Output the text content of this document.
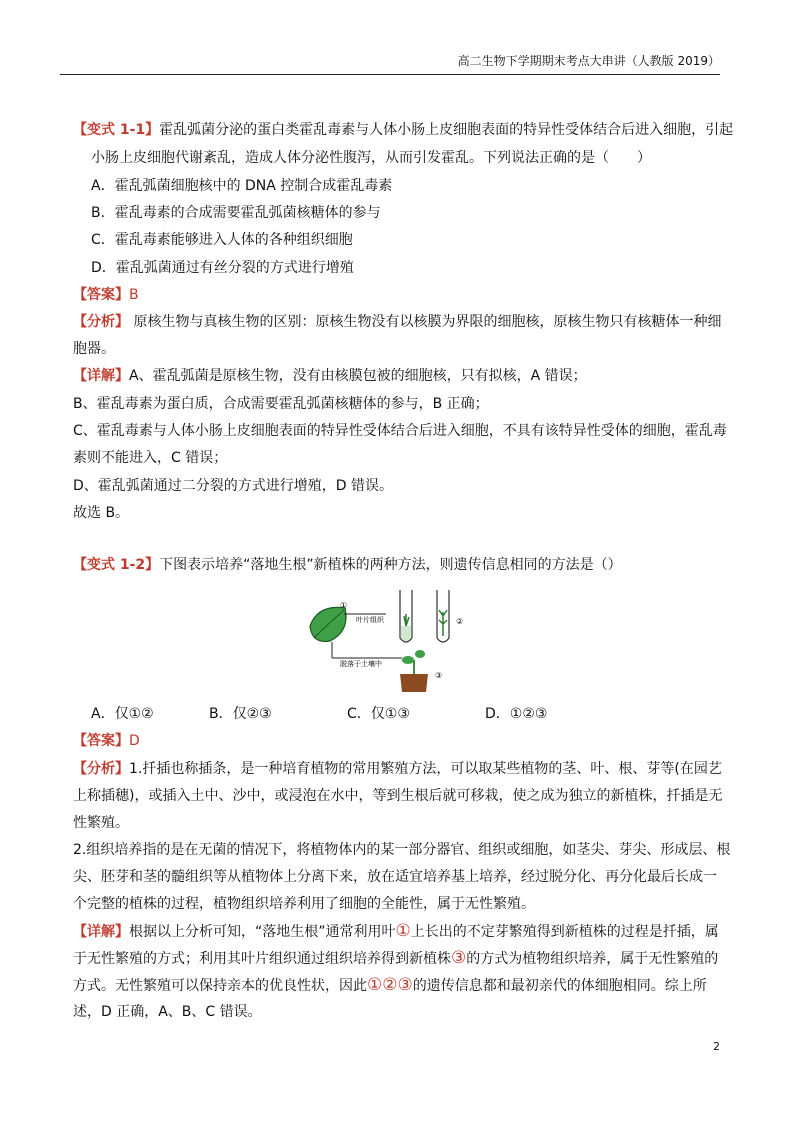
高二生物下学期期末考点大串讲（人教版 2019）
【变式 1-1】霍乱弧菌分泌的蛋白类霍乱毒素与人体小肠上皮细胞表面的特异性受体结合后进入细胞，引起
小肠上皮细胞代谢紊乱，造成人体分泌性腹泻，从而引发霍乱。下列说法正确的是（　　）
A．霍乱弧菌细胞核中的 DNA 控制合成霍乱毒素
B．霍乱毒素的合成需要霍乱弧菌核糖体的参与
C．霍乱毒素能够进入人体的各种组织细胞
D．霍乱弧菌通过有丝分裂的方式进行增殖
【答案】B
【分析】 原核生物与真核生物的区别：原核生物没有以核膜为界限的细胞核，原核生物只有核糖体一种细
胞器。
【详解】A、霍乱弧菌是原核生物，没有由核膜包被的细胞核，只有拟核，A 错误；
B、霍乱毒素为蛋白质，合成需要霍乱弧菌核糖体的参与，B 正确；
C、霍乱毒素与人体小肠上皮细胞表面的特异性受体结合后进入细胞，不具有该特异性受体的细胞，霍乱毒
素则不能进入，C 错误；
D、霍乱弧菌通过二分裂的方式进行增殖，D 错误。
故选 B。
【变式 1-2】下图表示培养“落地生根”新植株的两种方法，则遗传信息相同的方法是（）
①
叶片组织	②
脱落于土壤中
③
A．仅①②	B．仅②③	C．仅①③	D．①②③
【答案】D
【分析】1.扦插也称插条，是一种培育植物的常用繁殖方法，可以取某些植物的茎、叶、根、芽等(在园艺
上称插穗)，或插入土中、沙中，或浸泡在水中，等到生根后就可移栽，使之成为独立的新植株，扦插是无
性繁殖。
2.组织培养指的是在无菌的情况下，将植物体内的某一部分器官、组织或细胞，如茎尖、芽尖、形成层、根
尖、胚芽和茎的髓组织等从植物体上分离下来，放在适宜培养基上培养，经过脱分化、再分化最后长成一
个完整的植株的过程，植物组织培养利用了细胞的全能性，属于无性繁殖。
【详解】根据以上分析可知，“落地生根”通常利用叶①上长出的不定芽繁殖得到新植株的过程是扦插，属
于无性繁殖的方式；利用其叶片组织通过组织培养得到新植株③的方式为植物组织培养，属于无性繁殖的
方式。无性繁殖可以保持亲本的优良性状，因此①②③的遗传信息都和最初亲代的体细胞相同。综上所
述，D 正确，A、B、C 错误。
2
